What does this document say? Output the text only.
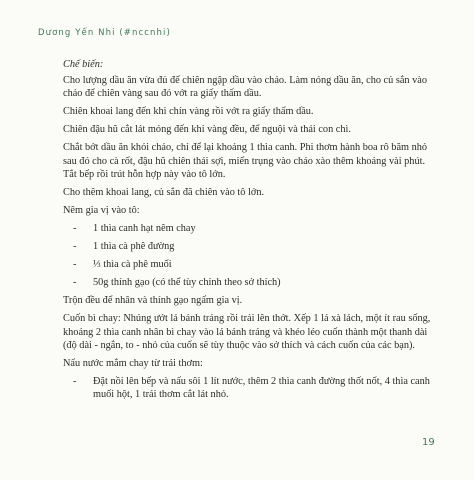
Dương Yến Nhi (#nccnhi)

Chế biến:

Cho lượng dầu ăn vừa đủ để chiên ngập dầu vào chảo. Làm nóng dầu ăn, cho củ sắn vào chảo để chiên vàng sau đó vớt ra giấy thấm dầu.

Chiên khoai lang đến khi chín vàng rồi vớt ra giấy thấm dầu.

Chiên đậu hũ cắt lát mỏng đến khi vàng đều, để nguội và thái con chì.

Chắt bớt dầu ăn khỏi chảo, chỉ để lại khoảng 1 thìa canh. Phi thơm hành boa rô băm nhỏ sau đó cho cà rốt, đậu hũ chiên thái sợi, miến trụng vào chảo xào thêm khoảng vài phút. Tắt bếp rồi trút hỗn hợp này vào tô lớn.

Cho thêm khoai lang, củ sắn đã chiên vào tô lớn.

Nêm gia vị vào tô:

-	1 thìa canh hạt nêm chay
-	1 thìa cà phê đường
-	⅓ thìa cà phê muối
-	50g thính gạo (có thể tùy chỉnh theo sở thích)

Trộn đều để nhân và thính gạo ngấm gia vị.

Cuốn bì chay: Nhúng ướt lá bánh tráng rồi trải lên thớt. Xếp 1 lá xà lách, một ít rau sống, khoảng 2 thìa canh nhân bì chay vào lá bánh tráng và khéo léo cuốn thành một thanh dài (độ dài - ngắn, to - nhỏ của cuốn sẽ tùy thuộc vào sở thích và cách cuốn của các bạn).

Nấu nước mắm chay từ trái thơm:

-	Đặt nồi lên bếp và nấu sôi 1 lít nước, thêm 2 thìa canh đường thốt nốt, 4 thìa canh muối hột, 1 trái thơm cắt lát nhỏ.
19
